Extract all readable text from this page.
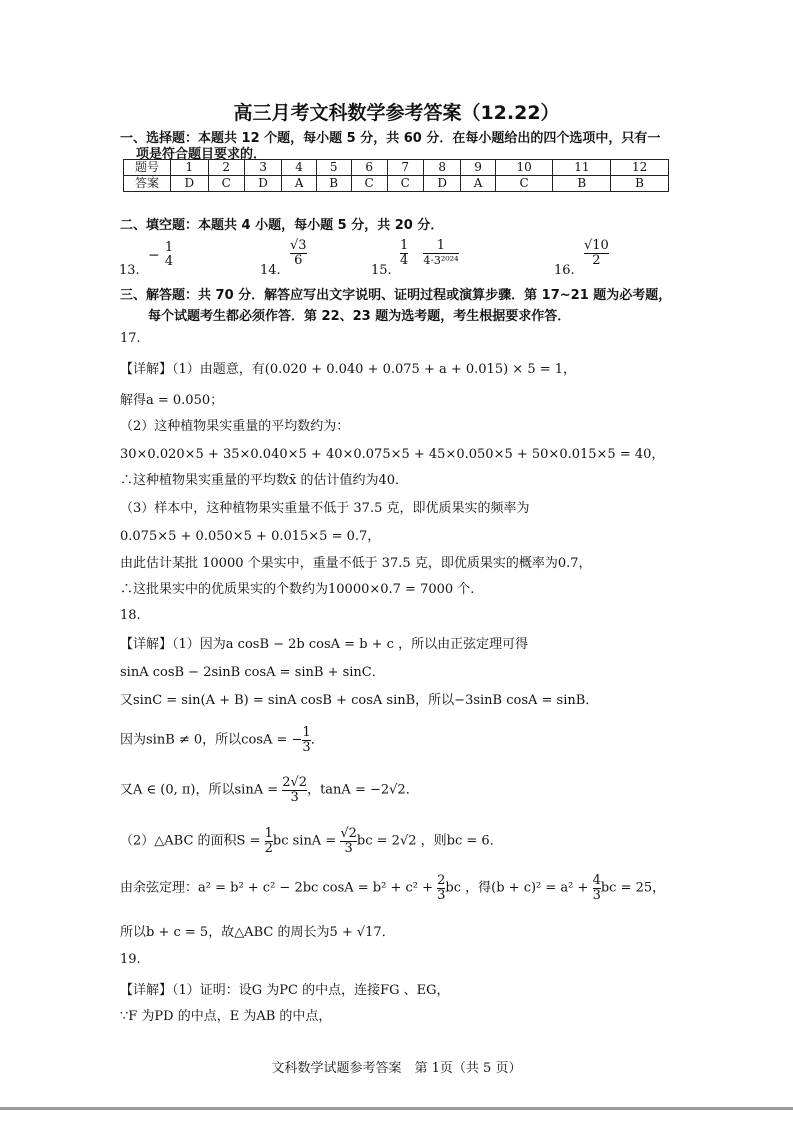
高三月考文科数学参考答案（12.22）
一、选择题：本题共 12 个题，每小题 5 分，共 60 分．在每小题给出的四个选项中，只有一
项是符合题目要求的．
题号	1	2	3	4	5	6	7	8	9	10	11	12
答案	D	C	D	A	B	C	C	D	A	C	B	B
二、填空题：本题共 4 小题，每小题 5 分，共 20 分．
13.
− 1
4
14.
$\frac{√3}{6}$
15.
$\frac{1}{4}$
$\frac{1}{\text{4·3²⁰²⁴}}$
16.
$\frac{√10}{2}$
三、解答题：共 70 分．解答应写出文字说明、证明过程或演算步骤．第 17~21 题为必考题，
每个试题考生都必须作答．第 22、23 题为选考题，考生根据要求作答．
17.
【详解】（1）由题意，有(0.020 + 0.040 + 0.075 + a + 0.015) × 5 = 1，
解得a = 0.050；
（2）这种植物果实重量的平均数约为：
30×0.020×5 + 35×0.040×5 + 40×0.075×5 + 45×0.050×5 + 50×0.015×5 = 40，
∴这种植物果实重量的平均数x̄ 的估计值约为40．
（3）样本中，这种植物果实重量不低于 37.5 克，即优质果实的频率为
0.075×5 + 0.050×5 + 0.015×5 = 0.7，
由此估计某批 10000 个果实中，重量不低于 37.5 克，即优质果实的概率为0.7，
∴这批果实中的优质果实的个数约为10000×0.7 = 7000 个.
18.
【详解】（1）因为a cosB − 2b cosA = b + c ，所以由正弦定理可得
sinA cosB − 2sinB cosA = sinB + sinC．
又sinC = sin(A + B) = sinA cosB + cosA sinB，所以−3sinB cosA = sinB．
因为sinB ≠ 0，所以cosA = − $\frac{1}{3}$ ．
又A ∈ (0, π)，所以$\sin A = \frac{2√2}{3}$ ，tanA = −2√2．
（2）△ABC 的面积$S = \frac{1}{2}$ bc $\sin A = \frac{√2}{3}$ bc = 2√2 ，则bc = 6．
由余弦定理：a² = b² + c² − 2bc $\cos A = b^2 + c^2 + \frac{2}{3}$ bc ，得$(b + c)^2 = a^2 + \frac{4}{3}$ bc = 25，
所以b + c = 5，故△ABC 的周长为5 + √17．
19.
【详解】（1）证明：设G 为PC 的中点，连接FG 、EG，
∵F 为PD 的中点，E 为AB 的中点，
文科数学试题参考答案　第 1页（共 5 页）
